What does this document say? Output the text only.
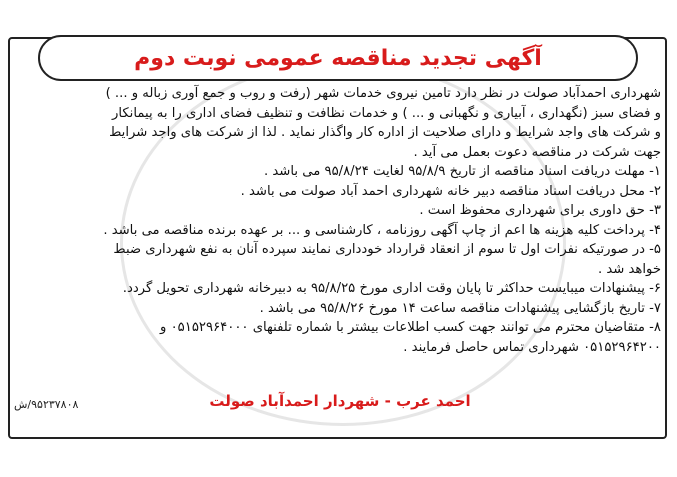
آگهی تجدید مناقصه عمومی نوبت دوم

شهرداری احمدآباد صولت در نظر دارد تامین نیروی خدمات شهر (رفت و روب و جمع آوری زباله و ... )

و فضای سبز (نگهداری ، آبیاری و نگهبانی و ... ) و خدمات نظافت و تنظیف فضای اداری را به پیمانکار

و شرکت های واجد شرایط و دارای صلاحیت از اداره کار واگذار نماید . لذا از شرکت های واجد شرایط

جهت شرکت در مناقصه دعوت بعمل می آید .

۱- مهلت دریافت اسناد مناقصه از تاریخ ۹۵/۸/۹ لغایت ۹۵/۸/۲۴ می باشد .

۲- محل دریافت اسناد مناقصه دبیر خانه شهرداری احمد آباد صولت می باشد .

۳- حق داوری برای شهرداری محفوظ است .

۴- پرداخت کلیه هزینه ها اعم از چاپ آگهی روزنامه ، کارشناسی و ... بر عهده برنده مناقصه می باشد .

۵- در صورتیکه نفرات اول تا سوم از انعقاد قرارداد خودداری نمایند سپرده آنان به نفع شهرداری ضبط

خواهد شد .

۶- پیشنهادات میبایست حداکثر تا پایان وقت اداری مورخ ۹۵/۸/۲۵ به دبیرخانه شهرداری تحویل گردد.

۷- تاریخ بازگشایی پیشنهادات مناقصه ساعت ۱۴ مورخ ۹۵/۸/۲۶ می باشد .

۸- متقاضیان محترم می توانند جهت کسب اطلاعات بیشتر با شماره تلفنهای ۰۵۱۵۲۹۶۴۰۰۰ و

۰۵۱۵۲۹۶۴۲۰۰ شهرداری تماس حاصل فرمایند .

۹۵۲۳۷۸۰۸/ش	احمد عرب - شهردار احمدآباد صولت
